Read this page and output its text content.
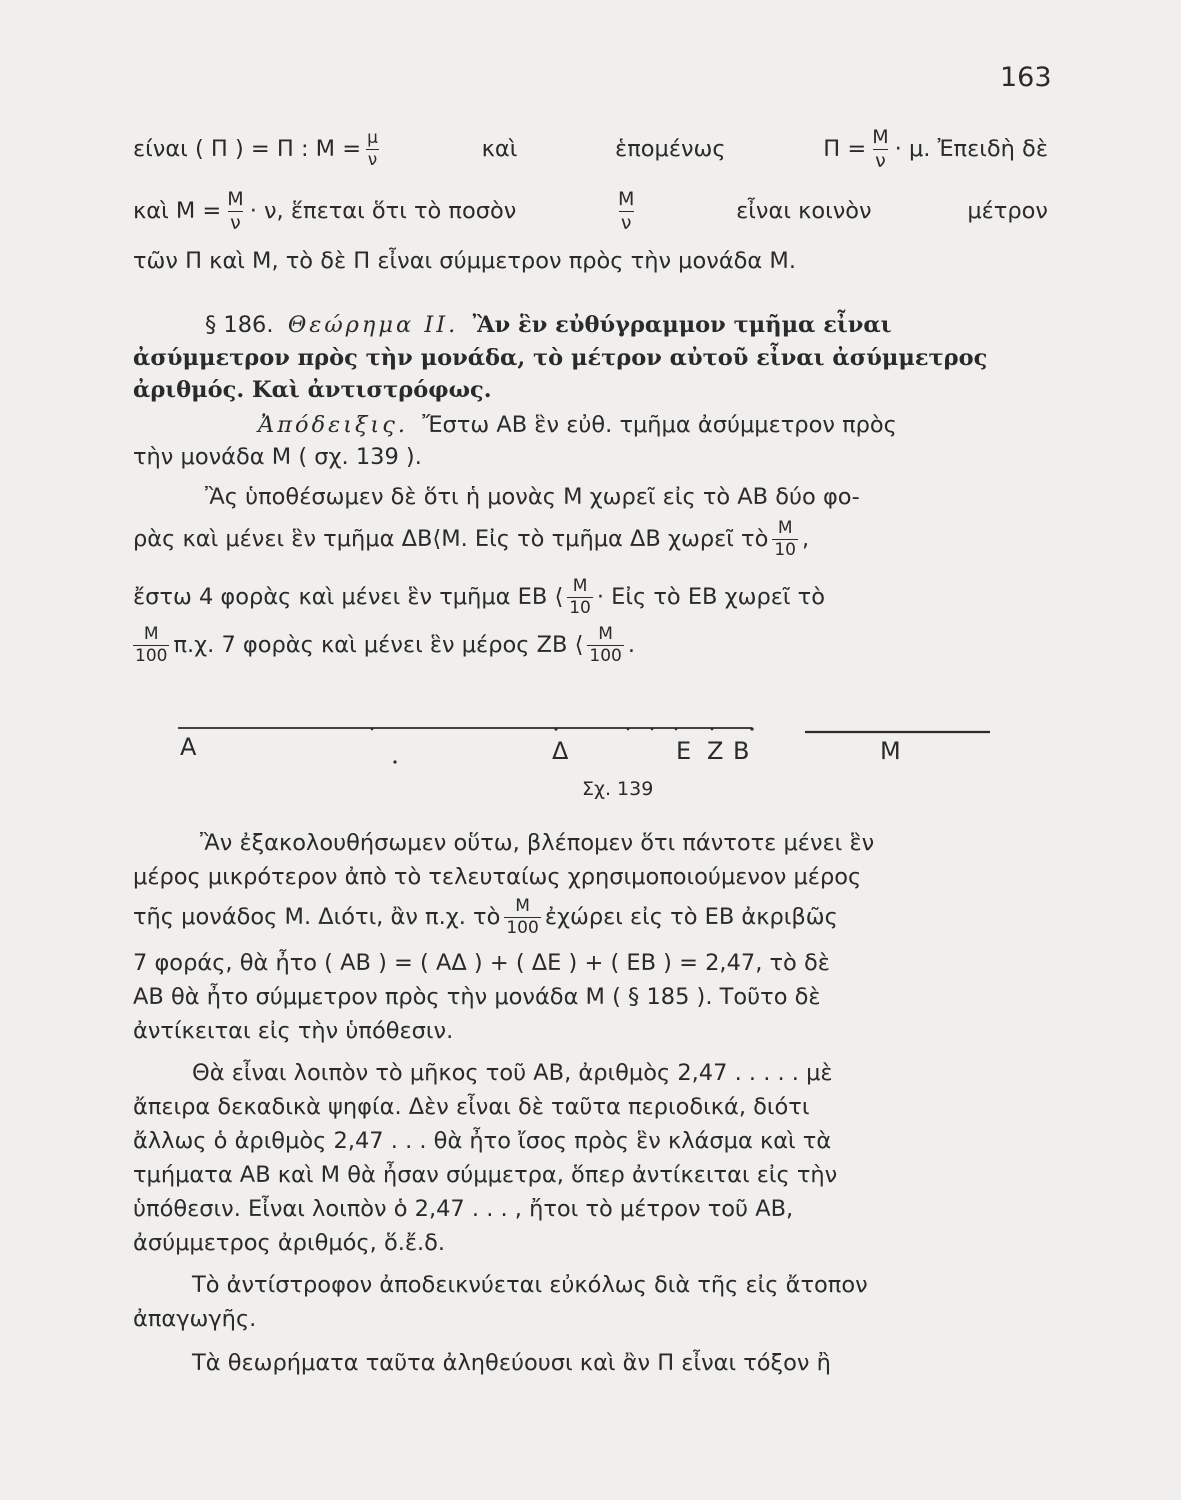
163
είναι ( Π ) = Π : $M = \frac{\mu}{\nu}$	καὶ	ἑπομένως	$\Pi = \frac{M}{\nu} \cdot \mu$. Ἐπειδὴ δὲ
καὶ $M = \frac{M}{\nu} \cdot \nu$, ἕπεται ὅτι τὸ ποσὸν	$\frac{M}{\nu}$	εἶναι κοινὸν	μέτρον
τῶν Π καὶ Μ, τὸ δὲ Π εἶναι σύμμετρον πρὸς τὴν μονάδα Μ.
§ 186. Θεώρημα ΙΙ. Ἂν ἓν εὐθύγραμμον τμῆμα εἶναι
ἀσύμμετρον πρὸς τὴν μονάδα, τὸ μέτρον αὐτοῦ εἶναι ἀσύμμετρος
ἀριθμός. Καὶ ἀντιστρόφως.
Ἀπόδειξις. Ἔστω ΑΒ ἓν εὐθ. τμῆμα ἀσύμμετρον πρὸς
τὴν μονάδα Μ ( σχ. 139 ).
Ἂς ὑποθέσωμεν δὲ ὅτι ἡ μονὰς Μ χωρεῖ εἰς τὸ ΑΒ δύο φο-
ρὰς καὶ μένει ἓν τμῆμα ΔΒ⟨Μ. Εἰς τὸ τμῆμα ΔΒ χωρεῖ τὸ $\frac{M}{10}$ ,
ἔστω 4 φορὰς καὶ μένει ἓν τμῆμα ΕΒ ⟨ $\frac{M}{10}$ · Εἰς τὸ ΕΒ χωρεῖ τὸ
$\frac{M}{100} \pi.\chi$. 7 φορὰς καὶ μένει ἓν μέρος ΖΒ ⟨ $\frac{M}{100}$ .
Α	Δ	Ε Ζ Β	Μ
Σχ. 139
Ἂν ἐξακολουθήσωμεν οὕτω, βλέπομεν ὅτι πάντοτε μένει ἓν
μέρος μικρότερον ἀπὸ τὸ τελευταίως χρησιμοποιούμενον μέρος
τῆς μονάδος Μ. Διότι, ἂν π.χ. τὸ $\frac{M}{100}$ ἐχώρει εἰς τὸ ΕΒ ἀκριβῶς
7 φοράς, θὰ ἦτο ( ΑΒ ) = ( ΑΔ ) + ( ΔΕ ) + ( ΕΒ ) = 2,47, τὸ δὲ
ΑΒ θὰ ἦτο σύμμετρον πρὸς τὴν μονάδα Μ ( § 185 ). Τοῦτο δὲ
ἀντίκειται εἰς τὴν ὑπόθεσιν.
Θὰ εἶναι λοιπὸν τὸ μῆκος τοῦ ΑΒ, ἀριθμὸς 2,47 . . . . . μὲ
ἄπειρα δεκαδικὰ ψηφία. Δὲν εἶναι δὲ ταῦτα περιοδικά, διότι
ἄλλως ὁ ἀριθμὸς 2,47 . . . θὰ ἦτο ἴσος πρὸς ἓν κλάσμα καὶ τὰ
τμήματα ΑΒ καὶ Μ θὰ ἦσαν σύμμετρα, ὅπερ ἀντίκειται εἰς τὴν
ὑπόθεσιν. Εἶναι λοιπὸν ὁ 2,47 . . . , ἤτοι τὸ μέτρον τοῦ ΑΒ,
ἀσύμμετρος ἀριθμός, ὅ.ἔ.δ.
Τὸ ἀντίστροφον ἀποδεικνύεται εὐκόλως διὰ τῆς εἰς ἄτοπον
ἀπαγωγῆς.
Τὰ θεωρήματα ταῦτα ἀληθεύουσι καὶ ἂν Π εἶναι τόξον ἢ
